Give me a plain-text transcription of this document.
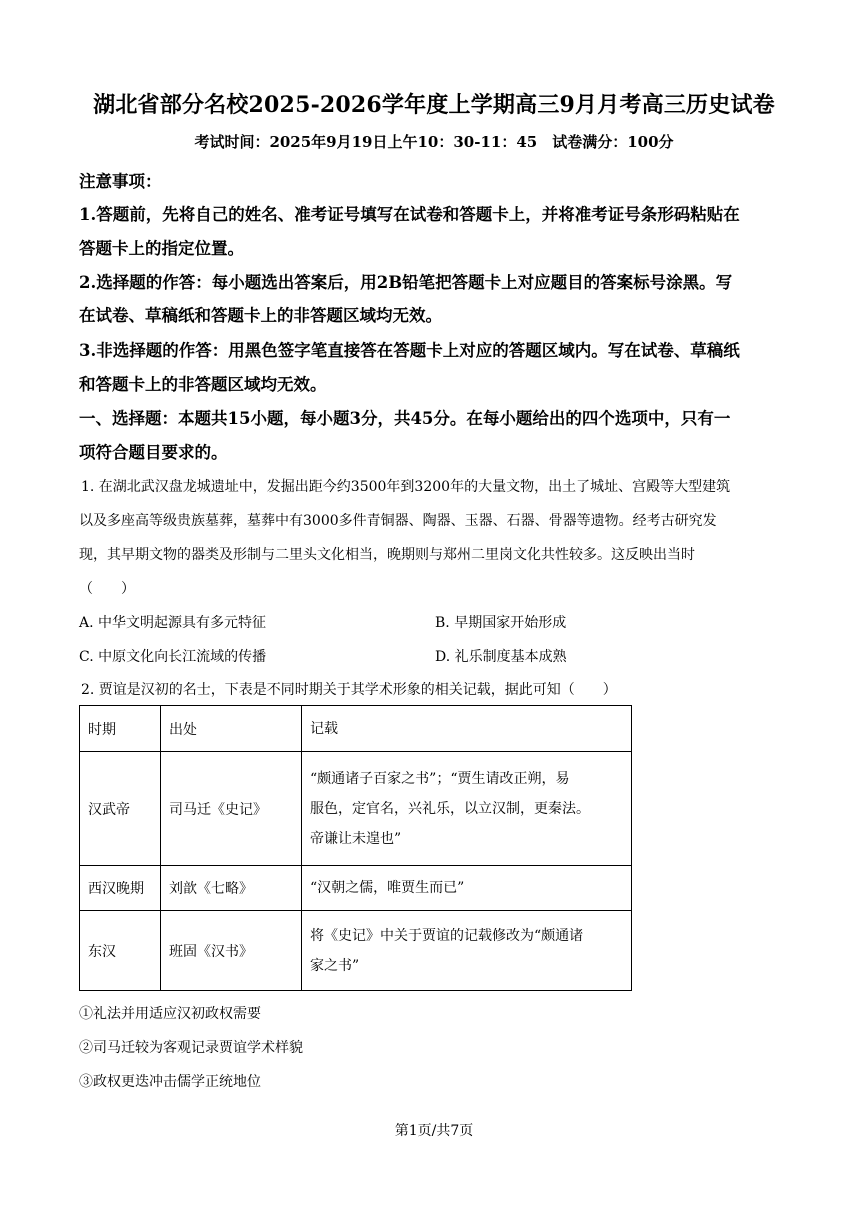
湖北省部分名校2025-2026学年度上学期高三9月月考高三历史试卷
考试时间：2025年9月19日上午10：30-11：45　试卷满分：100分
注意事项：
1.答题前，先将自己的姓名、准考证号填写在试卷和答题卡上，并将准考证号条形码粘贴在
答题卡上的指定位置。
2.选择题的作答：每小题选出答案后，用2B铅笔把答题卡上对应题目的答案标号涂黑。写
在试卷、草稿纸和答题卡上的非答题区域均无效。
3.非选择题的作答：用黑色签字笔直接答在答题卡上对应的答题区域内。写在试卷、草稿纸
和答题卡上的非答题区域均无效。
一、选择题：本题共15小题，每小题3分，共45分。在每小题给出的四个选项中，只有一
项符合题目要求的。
1. 在湖北武汉盘龙城遗址中，发掘出距今约3500年到3200年的大量文物，出土了城址、宫殿等大型建筑
以及多座高等级贵族墓葬，墓葬中有3000多件青铜器、陶器、玉器、石器、骨器等遗物。经考古研究发
现，其早期文物的器类及形制与二里头文化相当，晚期则与郑州二里岗文化共性较多。这反映出当时
（　　）
A. 中华文明起源具有多元特征	B. 早期国家开始形成
C. 中原文化向长江流域的传播	D. 礼乐制度基本成熟
2. 贾谊是汉初的名士，下表是不同时期关于其学术形象的相关记载，据此可知（　　）
时期	出处	记载
汉武帝	司马迁《史记》	“颇通诸子百家之书”；“贾生请改正朔，易
服色，定官名，兴礼乐，以立汉制，更秦法。
帝谦让未遑也”

西汉晚期	刘歆《七略》	“汉朝之儒，唯贾生而已”

东汉	班固《汉书》	将《史记》中关于贾谊的记载修改为“颇通诸
家之书”
①礼法并用适应汉初政权需要
②司马迁较为客观记录贾谊学术样貌
③政权更迭冲击儒学正统地位
第1页/共7页
